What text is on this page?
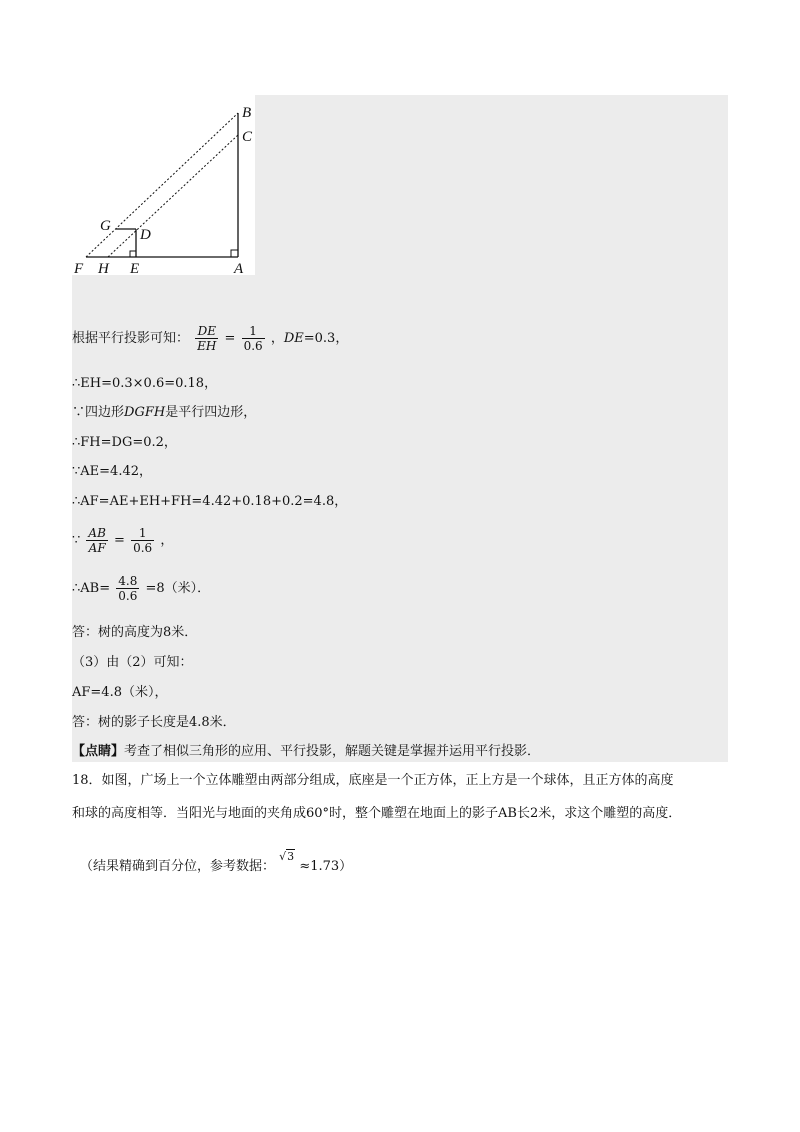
B
C
G
D
F H E	A
根据平行投影可知： $\frac{DE}{EH} = \frac{1}{0.6}$ ，DE=0.3，
∴EH=0.3×0.6=0.18，
∵四边形DGFH是平行四边形，
∴FH=DG=0.2，
∵AE=4.42，
∴AF=AE+EH+FH=4.42+0.18+0.2=4.8，
∵ $\frac{AB}{AF} = \frac{1}{0.6}$ ，
∴AB= $\frac{4.8}{0.6} =8$（米）．
答：树的高度为8米．
（3）由（2）可知：
AF=4.8（米），
答：树的影子长度是4.8米．
【点睛】考查了相似三角形的应用、平行投影，解题关键是掌握并运用平行投影．
18．如图，广场上一个立体雕塑由两部分组成，底座是一个正方体，正上方是一个球体，且正方体的高度
和球的高度相等．当阳光与地面的夹角成60°时，整个雕塑在地面上的影子AB长2米，求这个雕塑的高度．
（结果精确到百分位，参考数据： √3 ≈1.73）
